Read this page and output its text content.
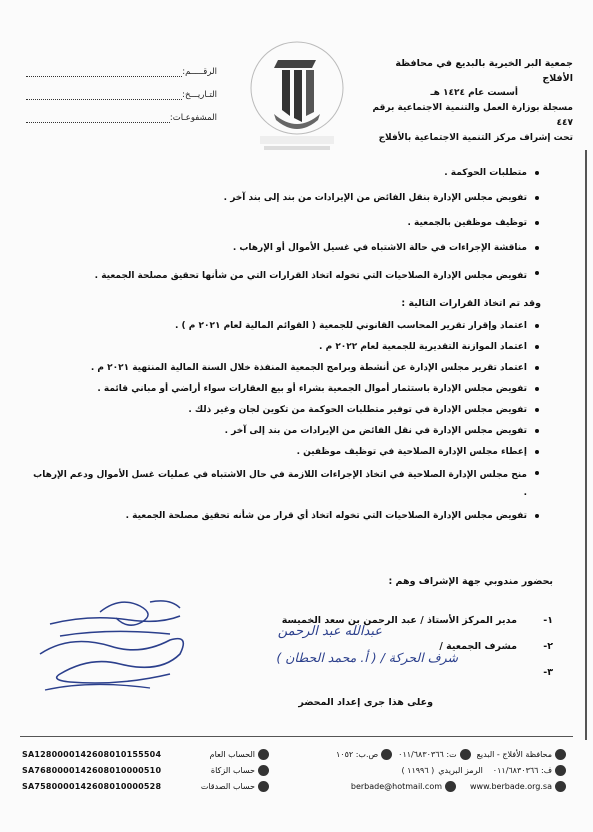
جمعية البر الخيرية بالبديع في محافظة الأفلاج
أسست عام ١٤٢٤ هـ
مسجلة بوزارة العمل والتنمية الاجتماعية برقم ٤٤٧
تحت إشراف مركز التنمية الاجتماعية بالأفلاج
الرقـــــم
:
التـاريـــخ
:
المشفوعـات
:
متطلبات الحوكمة .
تفويض مجلس الإدارة بنقل الفائض من الإيرادات من بند إلى بند آخر .
توظيف موظفين بالجمعية .
مناقشة الإجراءات في حالة الاشتباه في غسيل الأموال أو الإرهاب .
تفويض مجلس الإدارة الصلاحيات التي تخوله اتخاذ القرارات التي من شأنها تحقيق مصلحة الجمعية .
وقد تم اتخاذ القرارات التالية :
اعتماد وإقرار تقرير المحاسب القانوني للجمعية ( القوائم المالية لعام ٢٠٢١ م ) .
اعتماد الموازنة التقديرية للجمعية لعام ٢٠٢٢ م .
اعتماد تقرير مجلس الإدارة عن أنشطة وبرامج الجمعية المنفذة خلال السنة المالية المنتهية ٢٠٢١ م .
تفويض مجلس الإدارة باستثمار أموال الجمعية بشراء أو بيع العقارات سواء أراضي أو مباني قائمة .
تفويض مجلس الإدارة في توفير متطلبات الحوكمة من تكوين لجان وغير ذلك .
تفويض مجلس الإدارة في نقل الفائض من الإيرادات من بند إلى آخر .
إعطاء مجلس الإدارة الصلاحية في توظيف موظفين .
منح مجلس الإدارة الصلاحية في اتخاذ الإجراءات اللازمة في حال الاشتباه في عمليات غسل الأموال ودعم الإرهاب .
تفويض مجلس الإدارة الصلاحيات التي تخوله اتخاذ أي قرار من شأنه تحقيق مصلحة الجمعية .
بحضور مندوبي جهة الإشراف وهم :
١-
مدير المركز الأستاذ / عبد الرحمن بن سعد الخميسة
٢-
مشرف الجمعية /
٣-
وعلى هذا جرى إعداد المحضر
عبدالله عبد الرحمن
شرف الحركة / ( أ. محمد الحطان )
محافظة الأفلاج - البديع
ت: ٠١١/٦٨٣٠٣٦٦
ص.ب: ١٠٥٢
ف: ٠١١/٦٨٣٠٣٦٦
الرمز البريدي
( ١١٩٩٦ )
www.berbade.org.sa
berbade@hotmail.com
SA1280000142608010155504	الحساب العام
SA7680000142608010000510	حساب الزكاة
SA7580000142608010000528	حساب الصدقات
